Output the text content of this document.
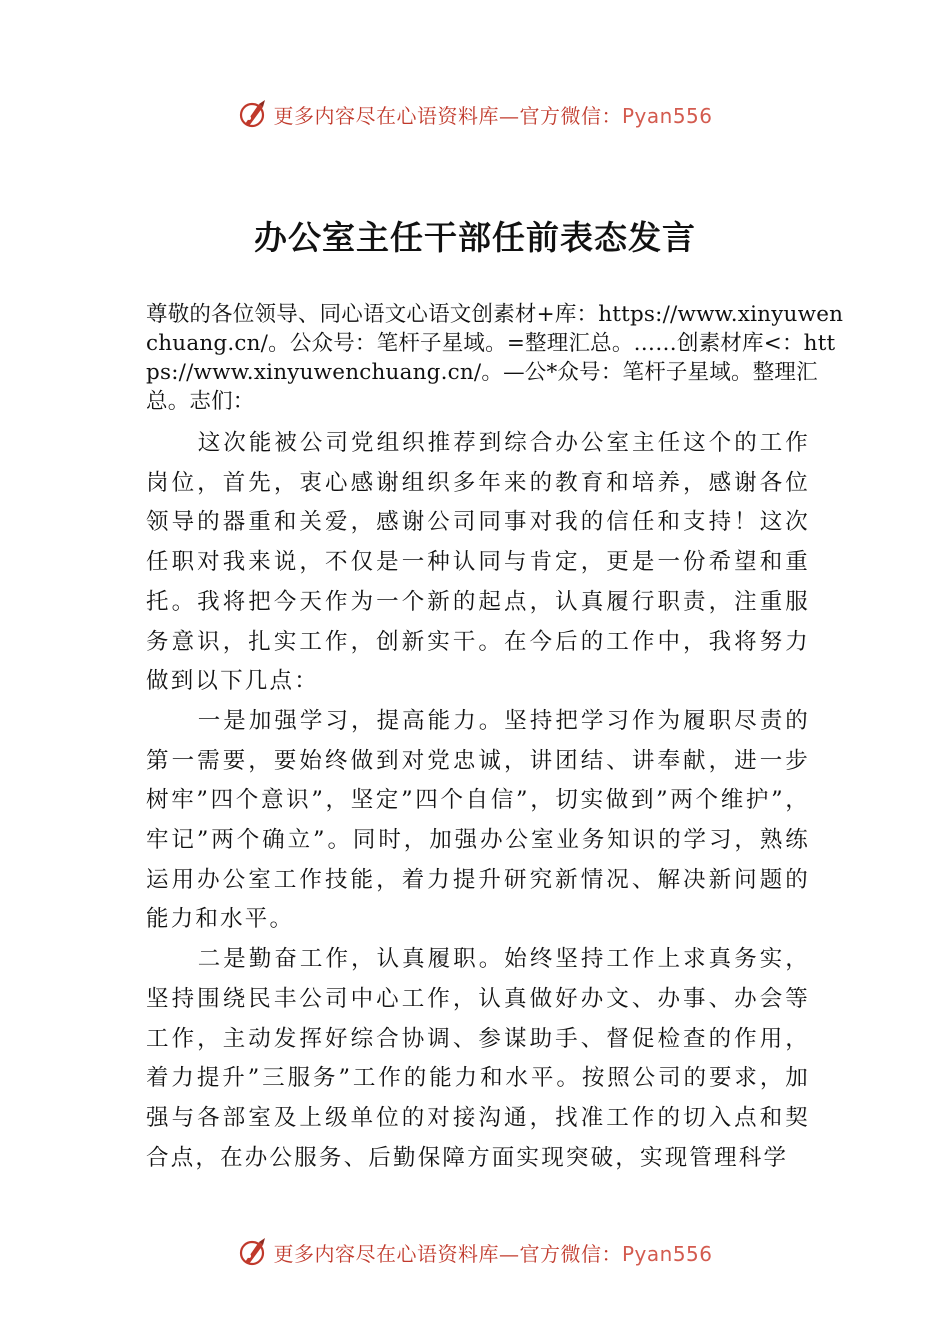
更多内容尽在心语资料库—官方微信：Pyan556
办公室主任干部任前表态发言
尊敬的各位领导、同心语文心语文创素材+库：https://www.xinyuwenchuang.cn/。公众号：笔杆子星域。=整理汇总。……创素材库<：https://www.xinyuwenchuang.cn/。—公*众号：笔杆子星域。整理汇总。志们：

这次能被公司党组织推荐到综合办公室主任这个的工作岗位，首先，衷心感谢组织多年来的教育和培养，感谢各位领导的器重和关爱，感谢公司同事对我的信任和支持！这次任职对我来说，不仅是一种认同与肯定，更是一份希望和重托。我将把今天作为一个新的起点，认真履行职责，注重服务意识，扎实工作，创新实干。在今后的工作中，我将努力做到以下几点：

一是加强学习，提高能力。坚持把学习作为履职尽责的第一需要，要始终做到对党忠诚，讲团结、讲奉献，进一步树牢”四个意识”，坚定”四个自信”，切实做到”两个维护”，牢记”两个确立”。同时，加强办公室业务知识的学习，熟练运用办公室工作技能，着力提升研究新情况、解决新问题的能力和水平。

二是勤奋工作，认真履职。始终坚持工作上求真务实，坚持围绕民丰公司中心工作，认真做好办文、办事、办会等工作，主动发挥好综合协调、参谋助手、督促检查的作用，着力提升”三服务”工作的能力和水平。按照公司的要求，加强与各部室及上级单位的对接沟通，找准工作的切入点和契合点，在办公服务、后勤保障方面实现突破，实现管理科学

更多内容尽在心语资料库—官方微信：Pyan556
